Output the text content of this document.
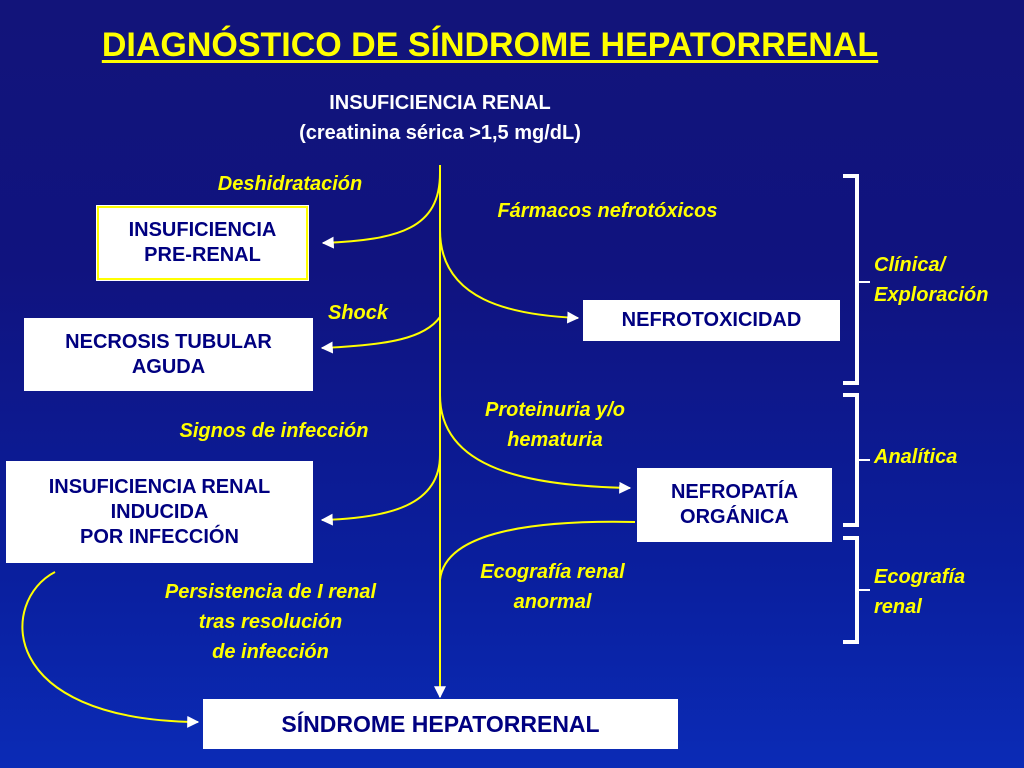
DIAGNÓSTICO DE SÍNDROME HEPATORRENAL
INSUFICIENCIA RENAL
(creatinina sérica >1,5 mg/dL)
INSUFICIENCIA
PRE-RENAL
NECROSIS TUBULAR
AGUDA
INSUFICIENCIA RENAL
INDUCIDA
POR INFECCIÓN
NEFROTOXICIDAD
NEFROPATÍA
ORGÁNICA
SÍNDROME HEPATORRENAL
Deshidratación
Shock
Signos de infección
Persistencia de I renal
tras resolución
de infección
Fármacos nefrotóxicos
Proteinuria y/o
hematuria
Ecografía renal
anormal
Clínica/
Exploración
Analítica
Ecografía
renal
